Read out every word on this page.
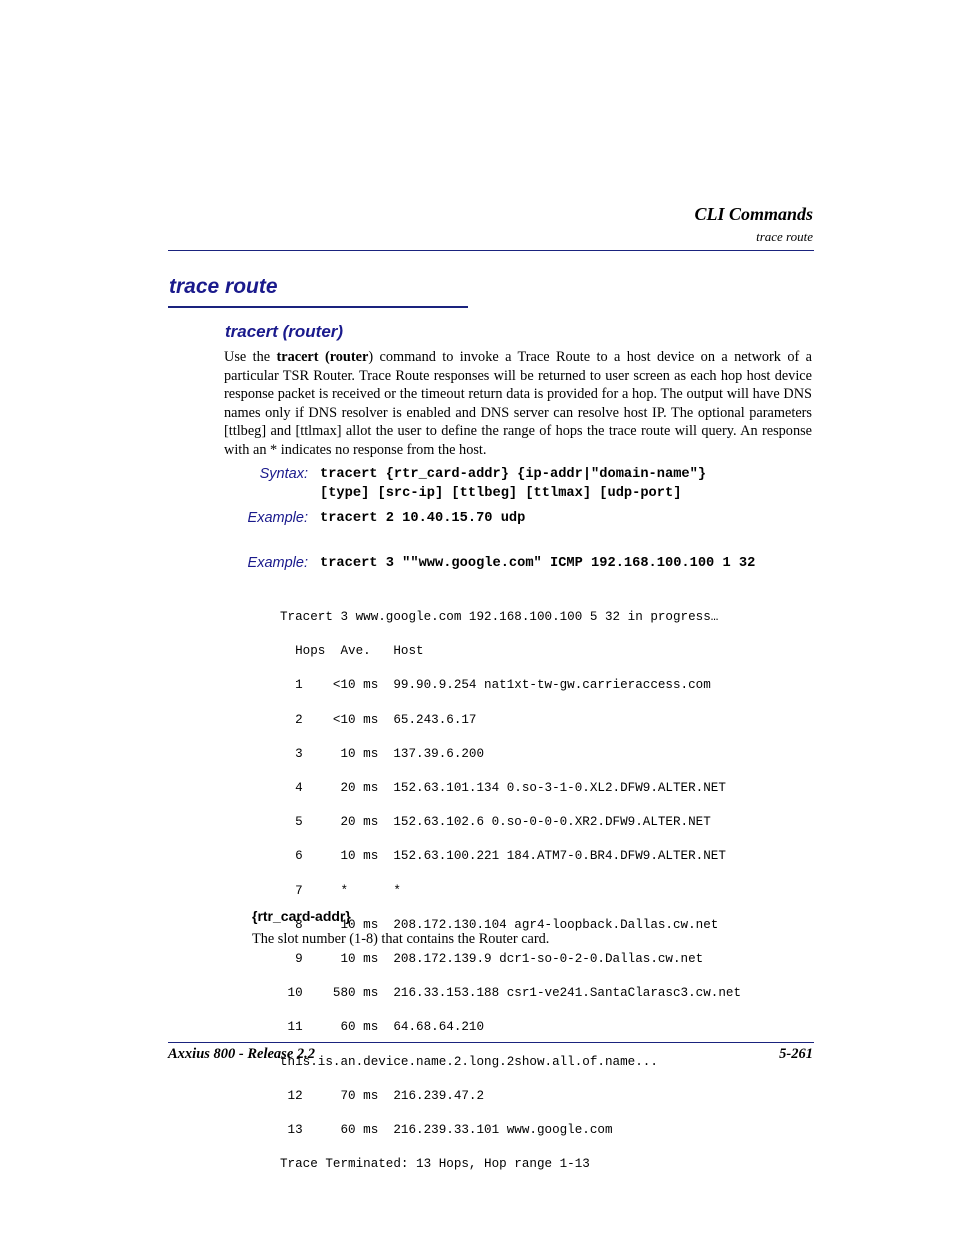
CLI Commands
trace route
trace route
tracert (router)
Use the tracert (router) command to invoke a Trace Route to a host device on a network of a particular TSR Router. Trace Route responses will be returned to user screen as each hop host device response packet is received or the timeout return data is provided for a hop. The output will have DNS names only if DNS resolver is enabled and DNS server can resolve host IP. The optional parameters [ttlbeg] and [ttlmax] allot the user to define the range of hops the trace route will query. An response with an * indicates no response from the host.
Syntax: tracert {rtr_card-addr} {ip-addr|"domain-name"}
[type] [src-ip] [ttlbeg] [ttlmax] [udp-port]
Example: tracert 2 10.40.15.70 udp
Example: tracert 3 ""www.google.com" ICMP 192.168.100.100 1 32

Tracert 3 www.google.com 192.168.100.100 5 32 in progress…

Hops  Ave.   Host

1    <10 ms  99.90.9.254 nat1xt-tw-gw.carrieraccess.com

2    <10 ms  65.243.6.17

3     10 ms  137.39.6.200

4     20 ms  152.63.101.134 0.so-3-1-0.XL2.DFW9.ALTER.NET

5     20 ms  152.63.102.6 0.so-0-0-0.XR2.DFW9.ALTER.NET

6     10 ms  152.63.100.221 184.ATM7-0.BR4.DFW9.ALTER.NET

7     *      *

8     10 ms  208.172.130.104 agr4-loopback.Dallas.cw.net

9     10 ms  208.172.139.9 dcr1-so-0-2-0.Dallas.cw.net

10    580 ms  216.33.153.188 csr1-ve241.SantaClarasc3.cw.net

11     60 ms  64.68.64.210

this.is.an.device.name.2.long.2show.all.of.name...

12     70 ms  216.239.47.2

13     60 ms  216.239.33.101 www.google.com

Trace Terminated: 13 Hops, Hop range 1-13

{rtr_card-addr}
The slot number (1-8) that contains the Router card.
Axxius 800 - Release 2.2	5-261
